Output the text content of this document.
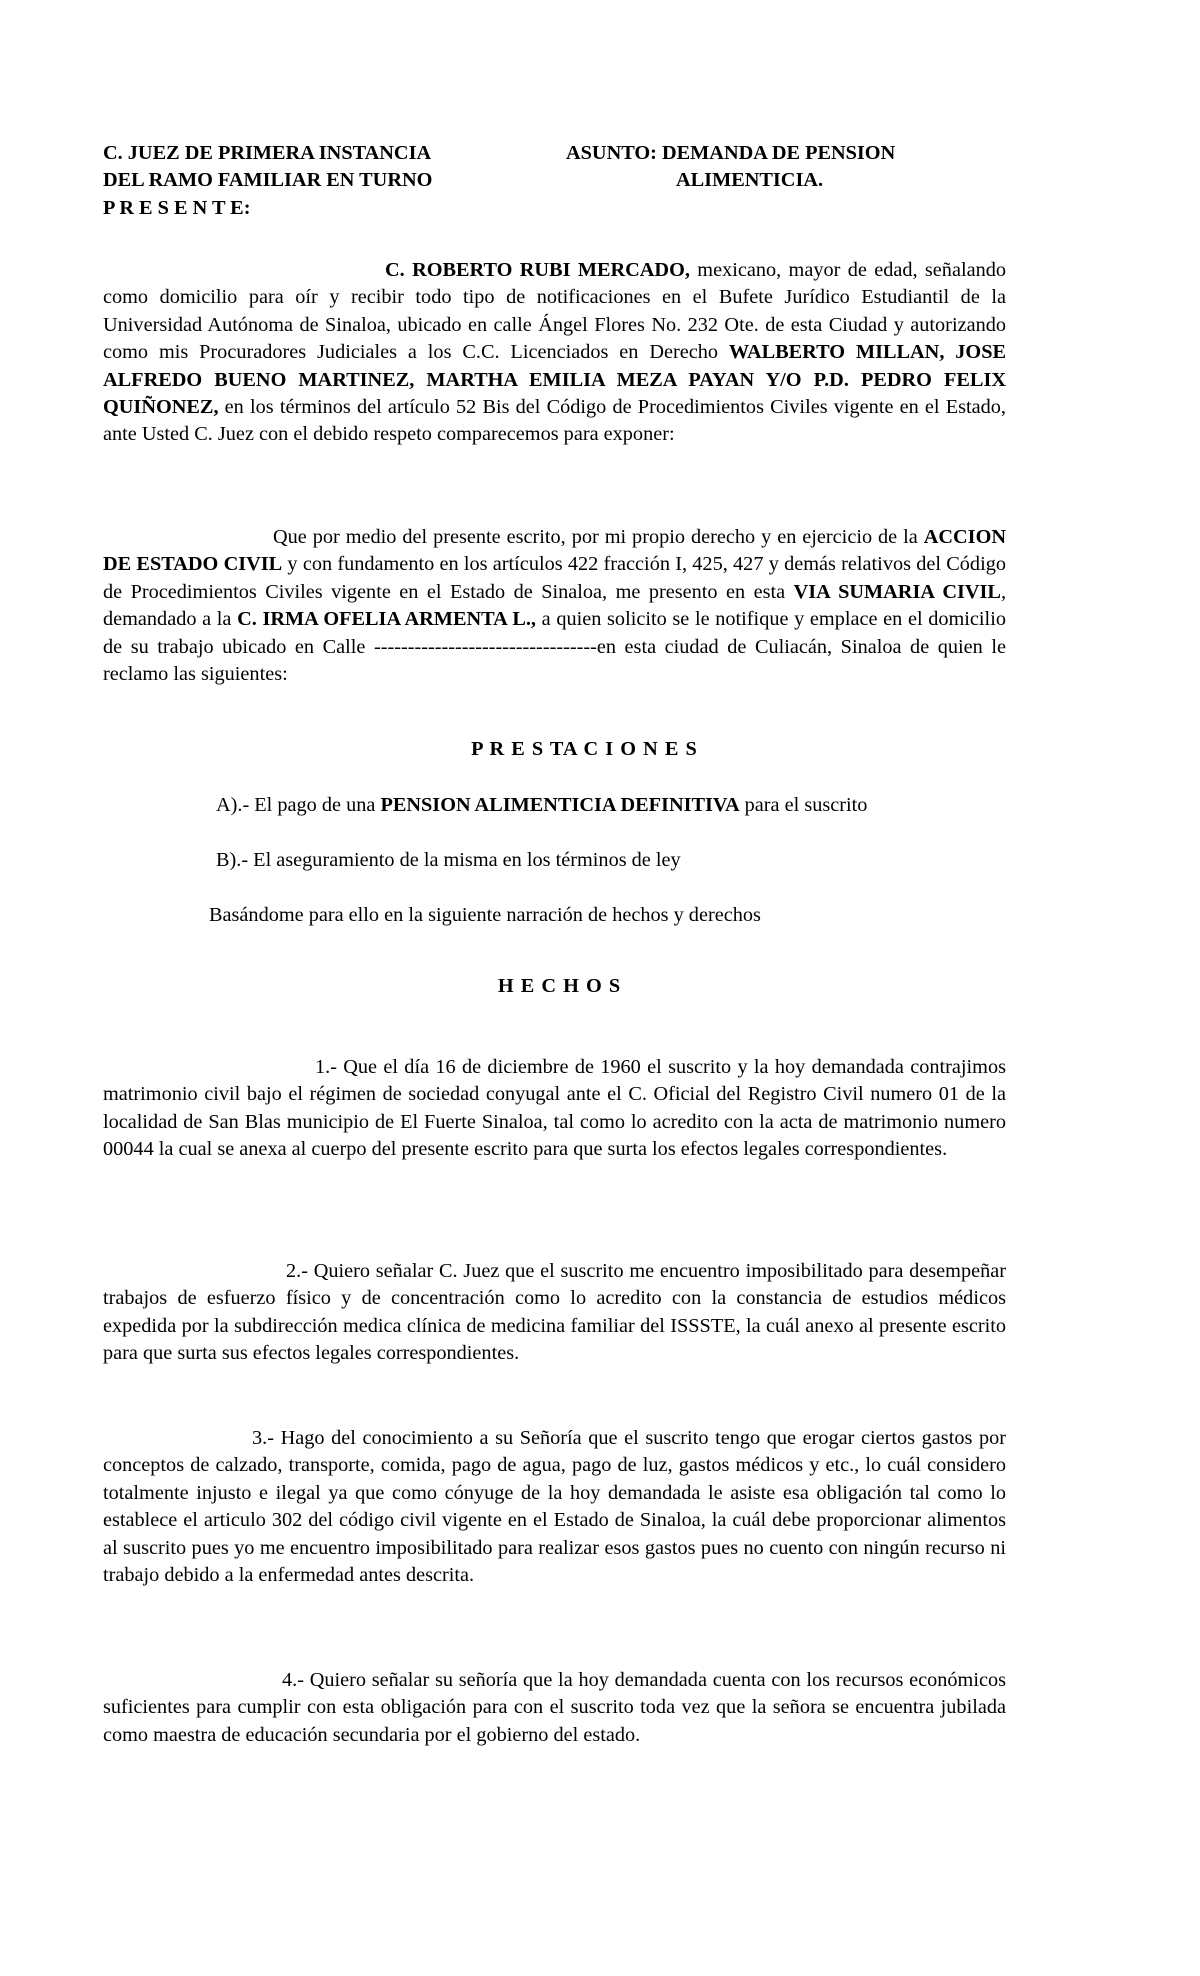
C. JUEZ DE PRIMERA INSTANCIA
DEL RAMO FAMILIAR EN TURNO
P R E S E N T E:
ASUNTO: DEMANDA DE PENSION
ALIMENTICIA.

C. ROBERTO RUBI MERCADO, mexicano, mayor de edad, señalando como domicilio para oír y recibir todo tipo de notificaciones en el Bufete Jurídico Estudiantil de la Universidad Autónoma de Sinaloa, ubicado en calle Ángel Flores No. 232 Ote. de esta Ciudad y autorizando como mis Procuradores Judiciales a los C.C. Licenciados en Derecho WALBERTO MILLAN, JOSE ALFREDO BUENO MARTINEZ, MARTHA EMILIA MEZA PAYAN Y/O P.D. PEDRO FELIX QUIÑONEZ, en los términos del artículo 52 Bis del Código de Procedimientos Civiles vigente en el Estado, ante Usted C. Juez con el debido respeto comparecemos para exponer:

Que por medio del presente escrito, por mi propio derecho y en ejercicio de la ACCION DE ESTADO CIVIL y con fundamento en los artículos 422 fracción I, 425, 427 y demás relativos del Código de Procedimientos Civiles vigente en el Estado de Sinaloa, me presento en esta VIA SUMARIA CIVIL, demandado a la C. IRMA OFELIA ARMENTA L., a quien solicito se le notifique y emplace en el domicilio de su trabajo ubicado en Calle ---------------------------------en esta ciudad de Culiacán, Sinaloa de quien le reclamo las siguientes:

P R E S TA C I O N E S

A).- El pago de una PENSION ALIMENTICIA DEFINITIVA para el suscrito
B).- El aseguramiento de la misma en los términos de ley
Basándome para ello en la siguiente narración de hechos y derechos

H E C H O S

1.- Que el día 16 de diciembre de 1960 el suscrito y la hoy demandada contrajimos matrimonio civil bajo el régimen de sociedad conyugal ante el C. Oficial del Registro Civil numero 01 de la localidad de San Blas municipio de El Fuerte Sinaloa, tal como lo acredito con la acta de matrimonio numero 00044 la cual se anexa al cuerpo del presente escrito para que surta los efectos legales correspondientes.

2.- Quiero señalar C. Juez que el suscrito me encuentro imposibilitado para desempeñar trabajos de esfuerzo físico y de concentración como lo acredito con la constancia de estudios médicos expedida por la subdirección medica clínica de medicina familiar del ISSSTE, la cuál anexo al presente escrito para que surta sus efectos legales correspondientes.

3.- Hago del conocimiento a su Señoría que el suscrito tengo que erogar ciertos gastos por conceptos de calzado, transporte, comida, pago de agua, pago de luz, gastos médicos y etc., lo cuál considero totalmente injusto e ilegal ya que como cónyuge de la hoy demandada le asiste esa obligación tal como lo establece el articulo 302 del código civil vigente en el Estado de Sinaloa, la cuál debe proporcionar alimentos al suscrito pues yo me encuentro imposibilitado para realizar esos gastos pues no cuento con ningún recurso ni trabajo debido a la enfermedad antes descrita.

4.- Quiero señalar su señoría que la hoy demandada cuenta con los recursos económicos suficientes para cumplir con esta obligación para con el suscrito toda vez que la señora se encuentra jubilada como maestra de educación secundaria por el gobierno del estado.
